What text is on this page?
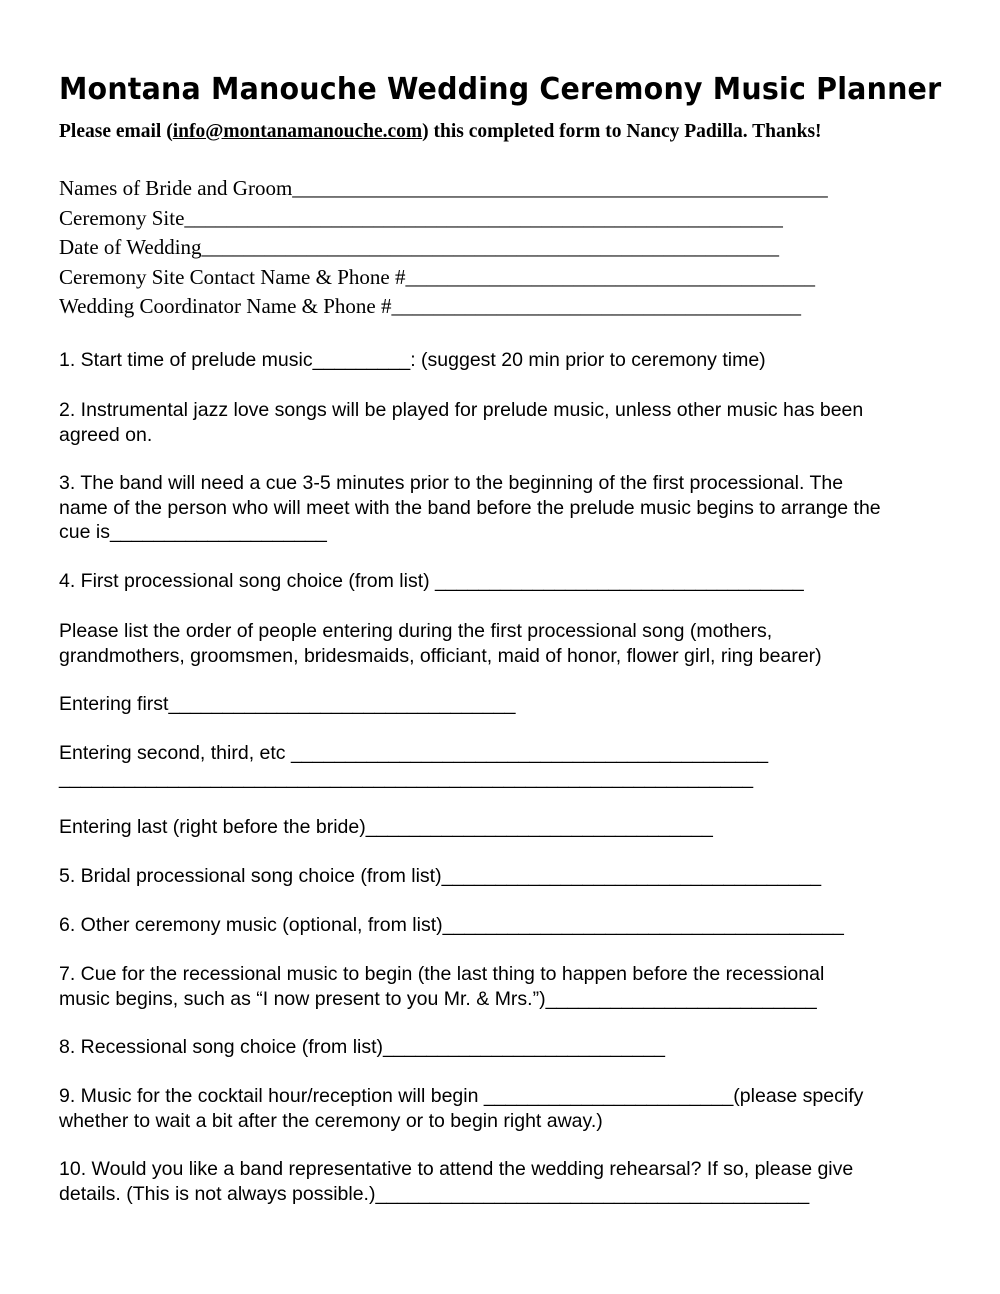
Montana Manouche Wedding Ceremony Music Planner
Please email (info@montanamanouche.com) this completed form to Nancy Padilla. Thanks!
Names of Bride and Groom___________________________________________________
Ceremony Site_________________________________________________________
Date of Wedding_______________________________________________________
Ceremony Site Contact Name & Phone #_______________________________________
Wedding Coordinator Name & Phone #_______________________________________
1. Start time of prelude music_________: (suggest 20 min prior to ceremony time)
2. Instrumental jazz love songs will be played for prelude music, unless other music has been
agreed on.
3. The band will need a cue 3-5 minutes prior to the beginning of the first processional. The
name of the person who will meet with the band before the prelude music begins to arrange the
cue is____________________
4. First processional song choice (from list) __________________________________
Please list the order of people entering during the first processional song (mothers,
grandmothers, groomsmen, bridesmaids, officiant, maid of honor, flower girl, ring bearer)
Entering first________________________________
Entering second, third, etc ____________________________________________
________________________________________________________________
Entering last (right before the bride)________________________________
5. Bridal processional song choice (from list)___________________________________
6. Other ceremony music (optional, from list)_____________________________________
7. Cue for the recessional music to begin (the last thing to happen before the recessional
music begins, such as “I now present to you Mr. & Mrs.”)_________________________
8. Recessional song choice (from list)__________________________
9. Music for the cocktail hour/reception will begin _______________________(please specify
whether to wait a bit after the ceremony or to begin right away.)
10. Would you like a band representative to attend the wedding rehearsal? If so, please give
details. (This is not always possible.)________________________________________
